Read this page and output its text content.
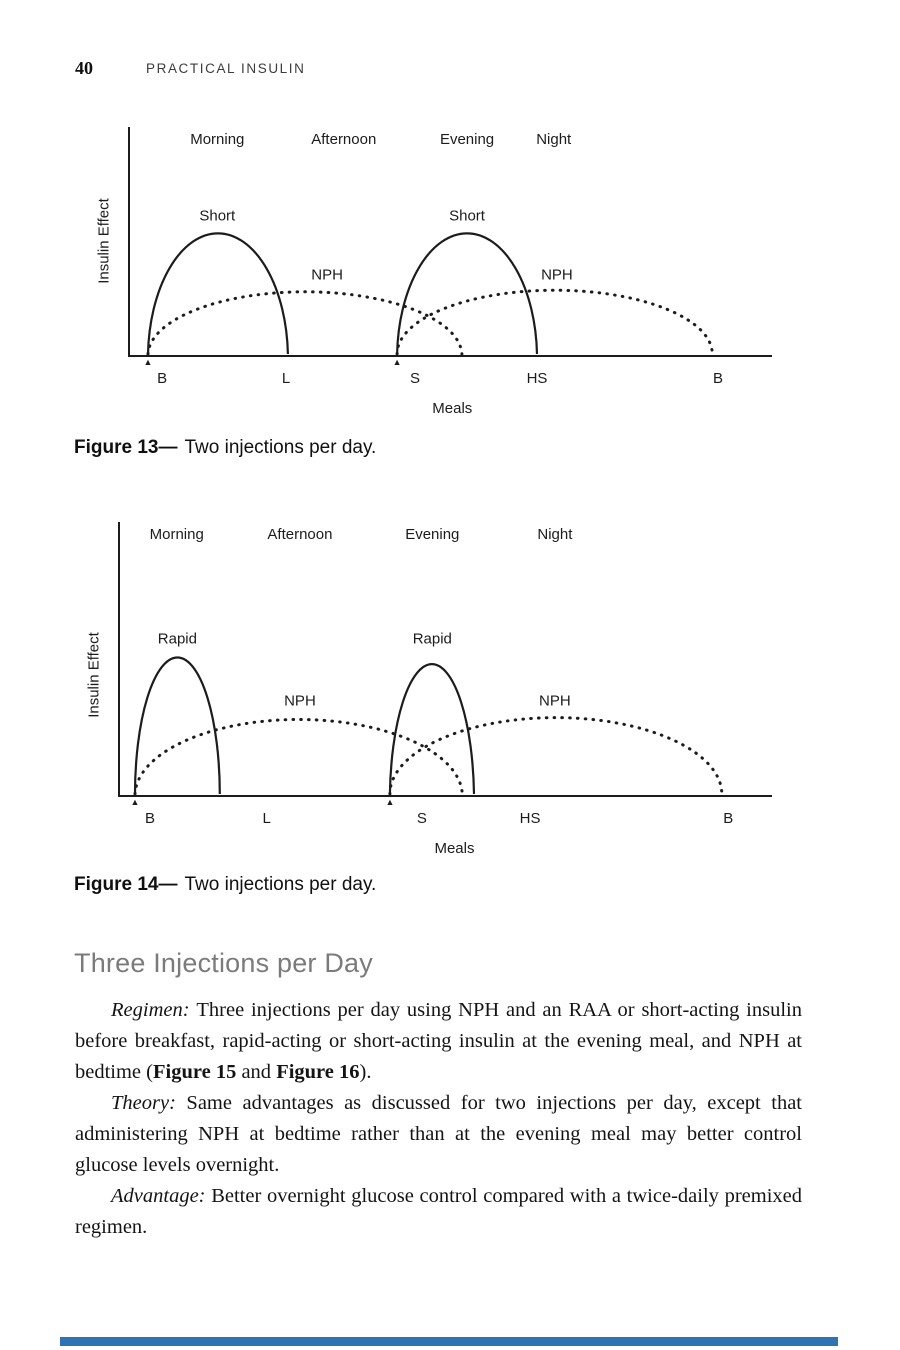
40	PRACTICAL INSULIN
Insulin Effect
Morning	Afternoon	Evening	Night
Short
NPH
Short
NPH
▲	▲
B	L	S	HS	B
Meals
Figure 13— Two injections per day.
Insulin Effect
Morning	Afternoon	Evening	Night
Rapid
NPH
Rapid
NPH
▲	▲
B	L	S	HS	B
Meals
Figure 14— Two injections per day.
Three Injections per Day

Regimen: Three injections per day using NPH and an RAA or short-acting insulin before breakfast, rapid-acting or short-acting insulin at the evening meal, and NPH at bedtime (Figure 15 and Figure 16).

Theory: Same advantages as discussed for two injections per day, except that administering NPH at bedtime rather than at the evening meal may better control glucose levels overnight.

Advantage: Better overnight glucose control compared with a twice-daily premixed regimen.
